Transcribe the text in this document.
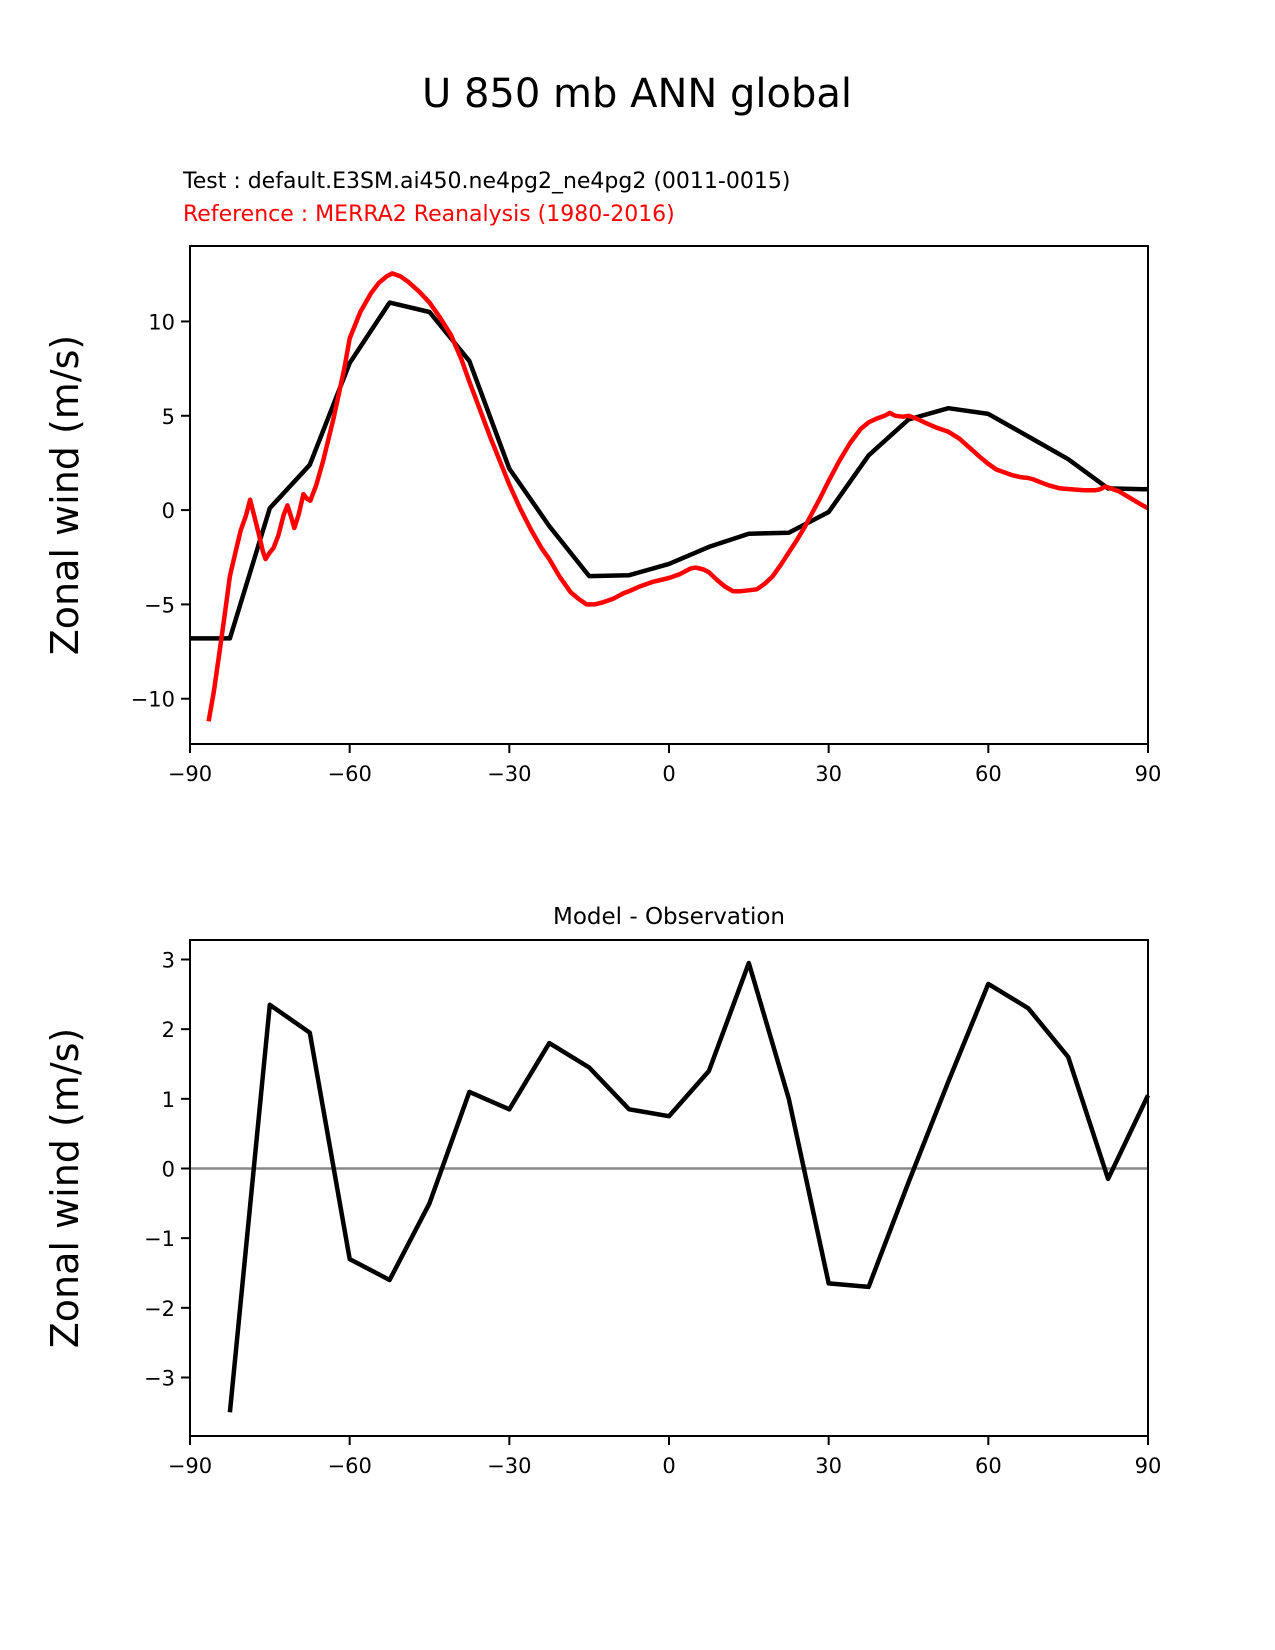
U 850 mb ANN global
Test : default.E3SM.ai450.ne4pg2_ne4pg2 (0011-0015)
Reference : MERRA2 Reanalysis (1980-2016)
−90	−60	−30	0	30	60	90
10
5
0
−5
−10
Zonal wind (m/s)
−90	−60	−30	0	30	60	90
3
2
1
0
−1
−2
−3
Model - Observation
Zonal wind (m/s)
